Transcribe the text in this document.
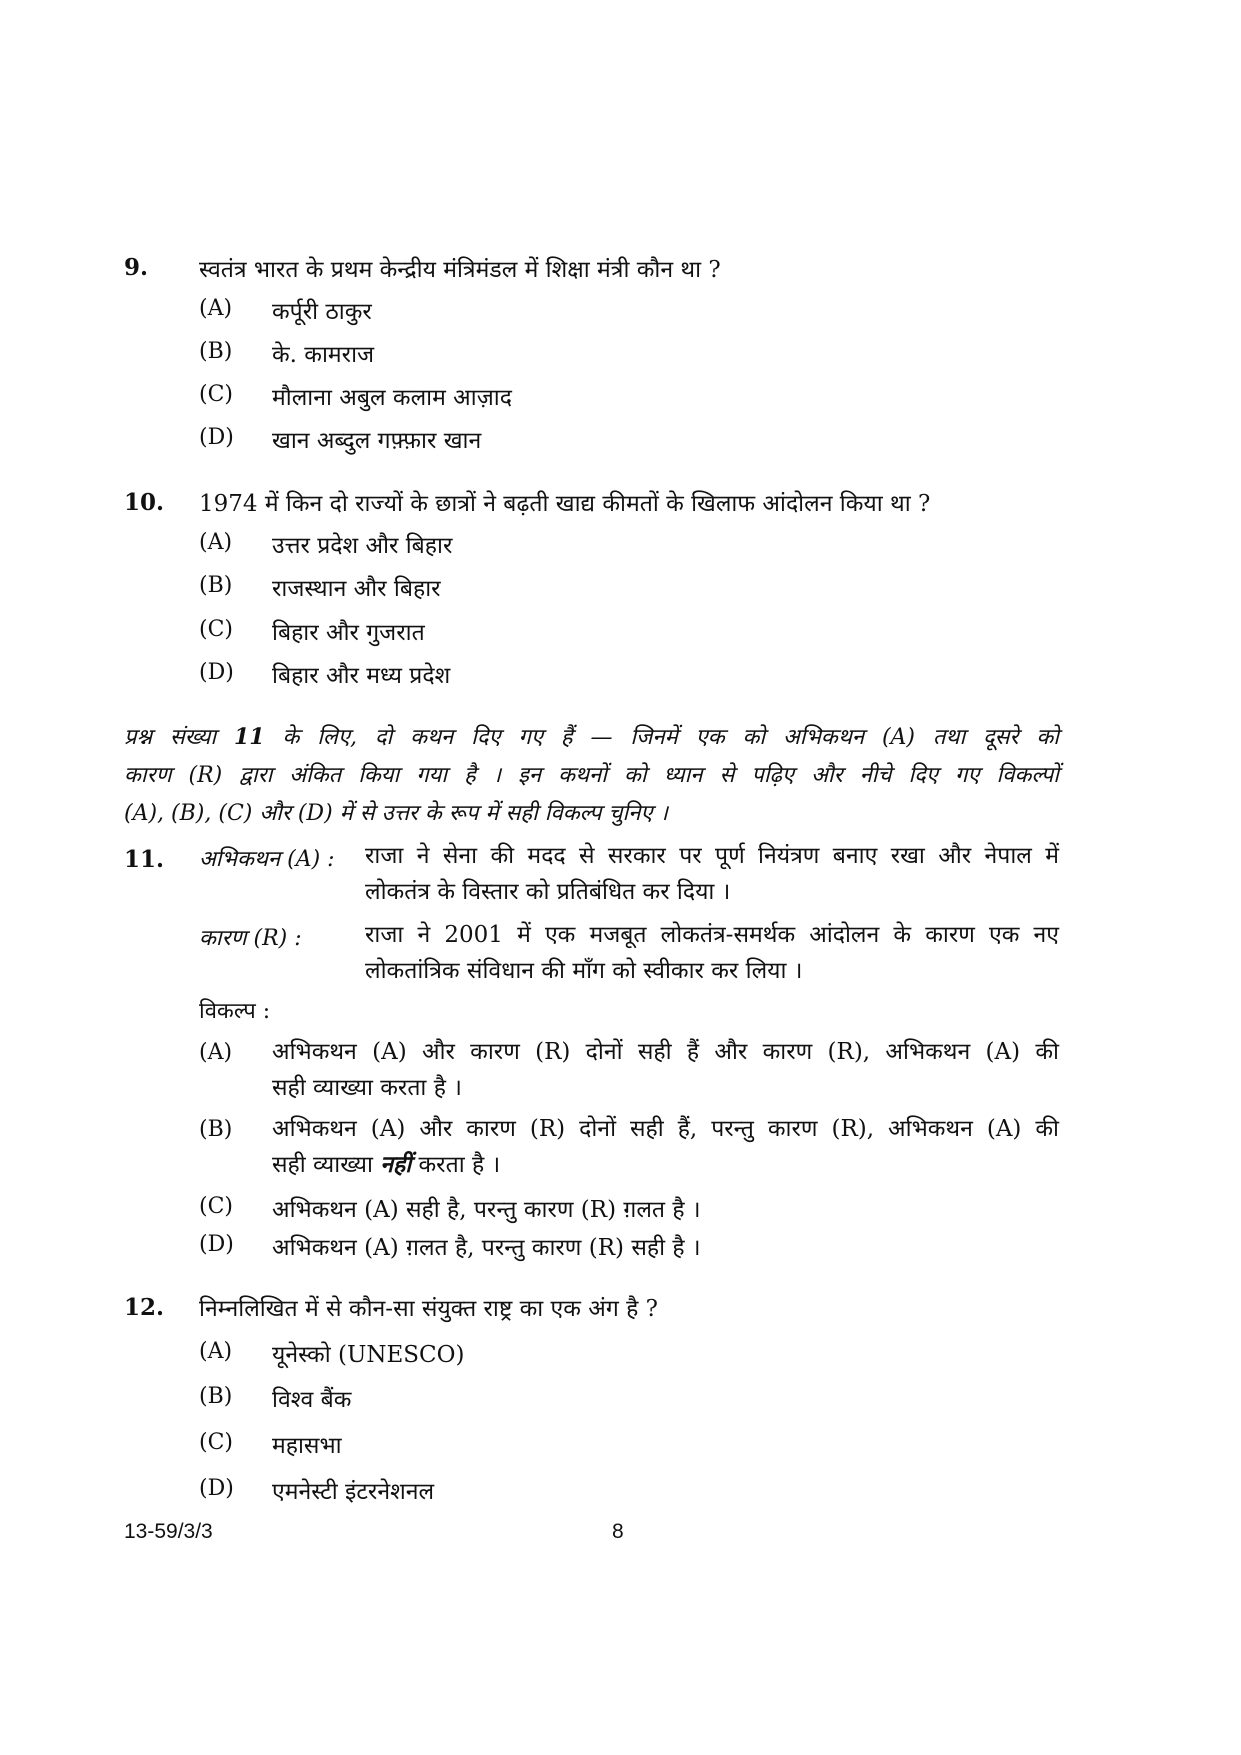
9. स्वतंत्र भारत के प्रथम केन्द्रीय मंत्रिमंडल में शिक्षा मंत्री कौन था ?
(A) कर्पूरी ठाकुर
(B) के. कामराज
(C) मौलाना अबुल कलाम आज़ाद
(D) खान अब्दुल गफ़्फ़ार खान
10. 1974 में किन दो राज्यों के छात्रों ने बढ़ती खाद्य कीमतों के खिलाफ आंदोलन किया था ?
(A) उत्तर प्रदेश और बिहार
(B) राजस्थान और बिहार
(C) बिहार और गुजरात
(D) बिहार और मध्य प्रदेश
प्रश्न संख्या 11 के लिए, दो कथन दिए गए हैं — जिनमें एक को अभिकथन (A) तथा दूसरे को
कारण (R) द्वारा अंकित किया गया है । इन कथनों को ध्यान से पढ़िए और नीचे दिए गए विकल्पों
(A), (B), (C) और (D) में से उत्तर के रूप में सही विकल्प चुनिए ।
11. अभिकथन (A) : राजा ने सेना की मदद से सरकार पर पूर्ण नियंत्रण बनाए रखा और नेपाल में
लोकतंत्र के विस्तार को प्रतिबंधित कर दिया ।
कारण (R) :	राजा ने 2001 में एक मजबूत लोकतंत्र-समर्थक आंदोलन के कारण एक नए
लोकतांत्रिक संविधान की माँग को स्वीकार कर लिया ।
विकल्प :
(A) अभिकथन (A) और कारण (R) दोनों सही हैं और कारण (R), अभिकथन (A) की
सही व्याख्या करता है ।
(B) अभिकथन (A) और कारण (R) दोनों सही हैं, परन्तु कारण (R), अभिकथन (A) की
सही व्याख्या नहीं करता है ।
(C) अभिकथन (A) सही है, परन्तु कारण (R) ग़लत है ।
(D) अभिकथन (A) ग़लत है, परन्तु कारण (R) सही है ।
12. निम्नलिखित में से कौन-सा संयुक्त राष्ट्र का एक अंग है ?
(A) यूनेस्को (UNESCO)
(B) विश्व बैंक
(C) महासभा
(D) एमनेस्टी इंटरनेशनल
13-59/3/3	8
